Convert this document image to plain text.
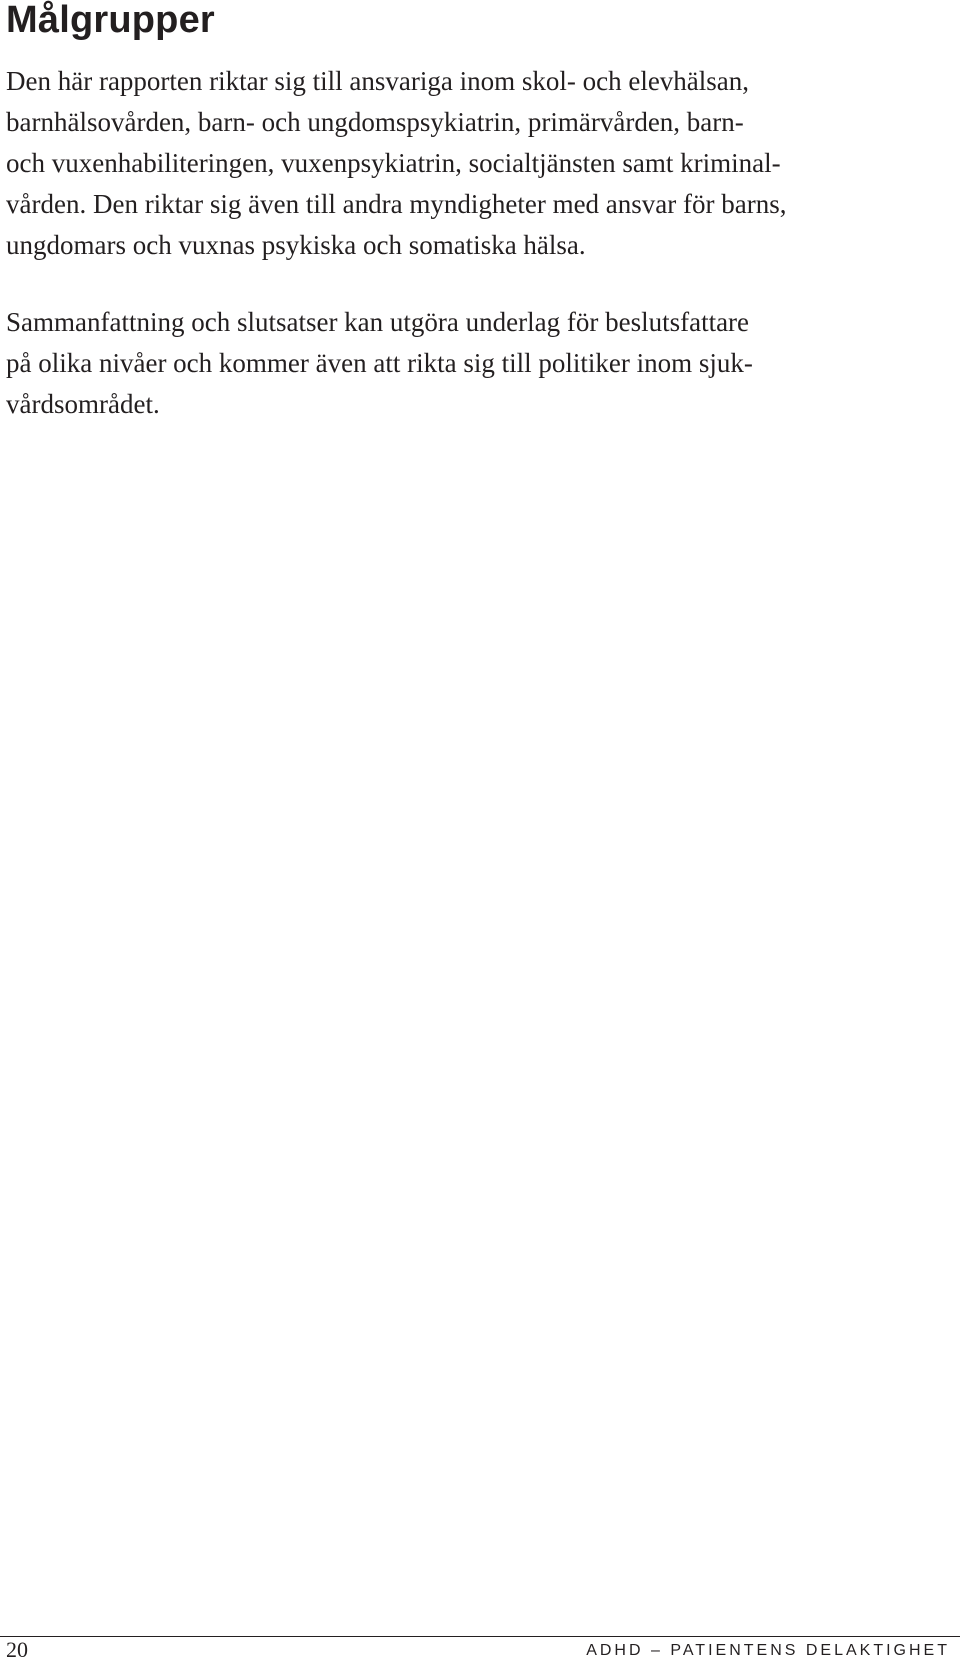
Målgrupper

Den här rapporten riktar sig till ansvariga inom skol- och elevhälsan,
barnhälsovården, barn- och ungdomspsykiatrin, primärvården, barn-
och vuxenhabiliteringen, vuxenpsykiatrin, socialtjänsten samt kriminal-
vården. Den riktar sig även till andra myndigheter med ansvar för barns,
ungdomars och vuxnas psykiska och somatiska hälsa.

Sammanfattning och slutsatser kan utgöra underlag för beslutsfattare
på olika nivåer och kommer även att rikta sig till politiker inom sjuk-
vårdsområdet.

20	ADHD – PATIENTENS DELAKTIGHET
